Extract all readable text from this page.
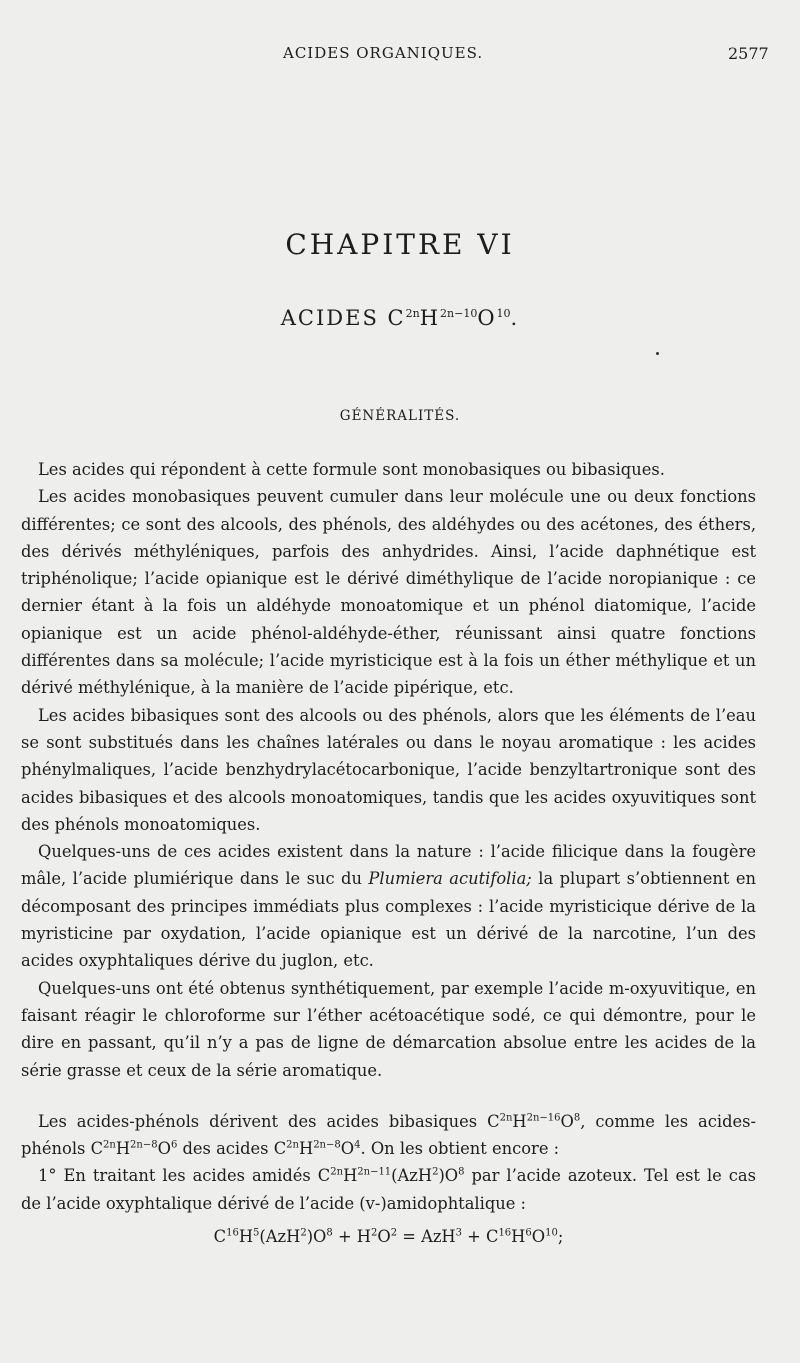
ACIDES ORGANIQUES.	2577
CHAPITRE VI
ACIDES $C^{2n}H^{2n-10}O^{10}$.
GÉNÉRALITÉS.

Les acides qui répondent à cette formule sont monobasiques ou bibasiques.

Les acides monobasiques peuvent cumuler dans leur molécule une ou deux fonctions différentes; ce sont des alcools, des phénols, des aldéhydes ou des acétones, des éthers, des dérivés méthyléniques, parfois des anhydrides. Ainsi, l’acide daphnétique est triphénolique; l’acide opianique est le dérivé diméthylique de l’acide noropianique : ce dernier étant à la fois un aldéhyde monoatomique et un phénol diatomique, l’acide opianique est un acide phénol-aldéhyde-éther, réunissant ainsi quatre fonctions différentes dans sa molécule; l’acide myristicique est à la fois un éther méthylique et un dérivé méthylénique, à la manière de l’acide pipérique, etc.

Les acides bibasiques sont des alcools ou des phénols, alors que les éléments de l’eau se sont substitués dans les chaînes latérales ou dans le noyau aromatique : les acides phénylmaliques, l’acide benzhydrylacétocarbonique, l’acide benzyltartronique sont des acides bibasiques et des alcools monoatomiques, tandis que les acides oxyuvitiques sont des phénols monoatomiques.

Quelques-uns de ces acides existent dans la nature : l’acide filicique dans la fougère mâle, l’acide plumiérique dans le suc du Plumiera acutifolia; la plupart s’obtiennent en décomposant des principes immédiats plus complexes : l’acide myristicique dérive de la myristicine par oxydation, l’acide opianique est un dérivé de la narcotine, l’un des acides oxyphtaliques dérive du juglon, etc.

Quelques-uns ont été obtenus synthétiquement, par exemple l’acide m-oxyuvitique, en faisant réagir le chloroforme sur l’éther acétoacétique sodé, ce qui démontre, pour le dire en passant, qu’il n’y a pas de ligne de démarcation absolue entre les acides de la série grasse et ceux de la série aromatique.

Les acides-phénols dérivent des acides bibasiques $C^{2n}H^{2n-16}O^8$, comme les acides-phénols $C^{2n}H^{2n-8}O^6$ des acides $C^{2n}H^{2n-8}O^4$. On les obtient encore :

1° En traitant les acides amidés $C^{2n}H^{2n-11}(AzH^2)O^8$ par l’acide azoteux. Tel est le cas de l’acide oxyphtalique dérivé de l’acide (v-)amidophtalique :

$C^{16}H^5(AzH^2)O^8 + H^2O^2 = AzH^3 + C^{16}H^6O^{10}$;
